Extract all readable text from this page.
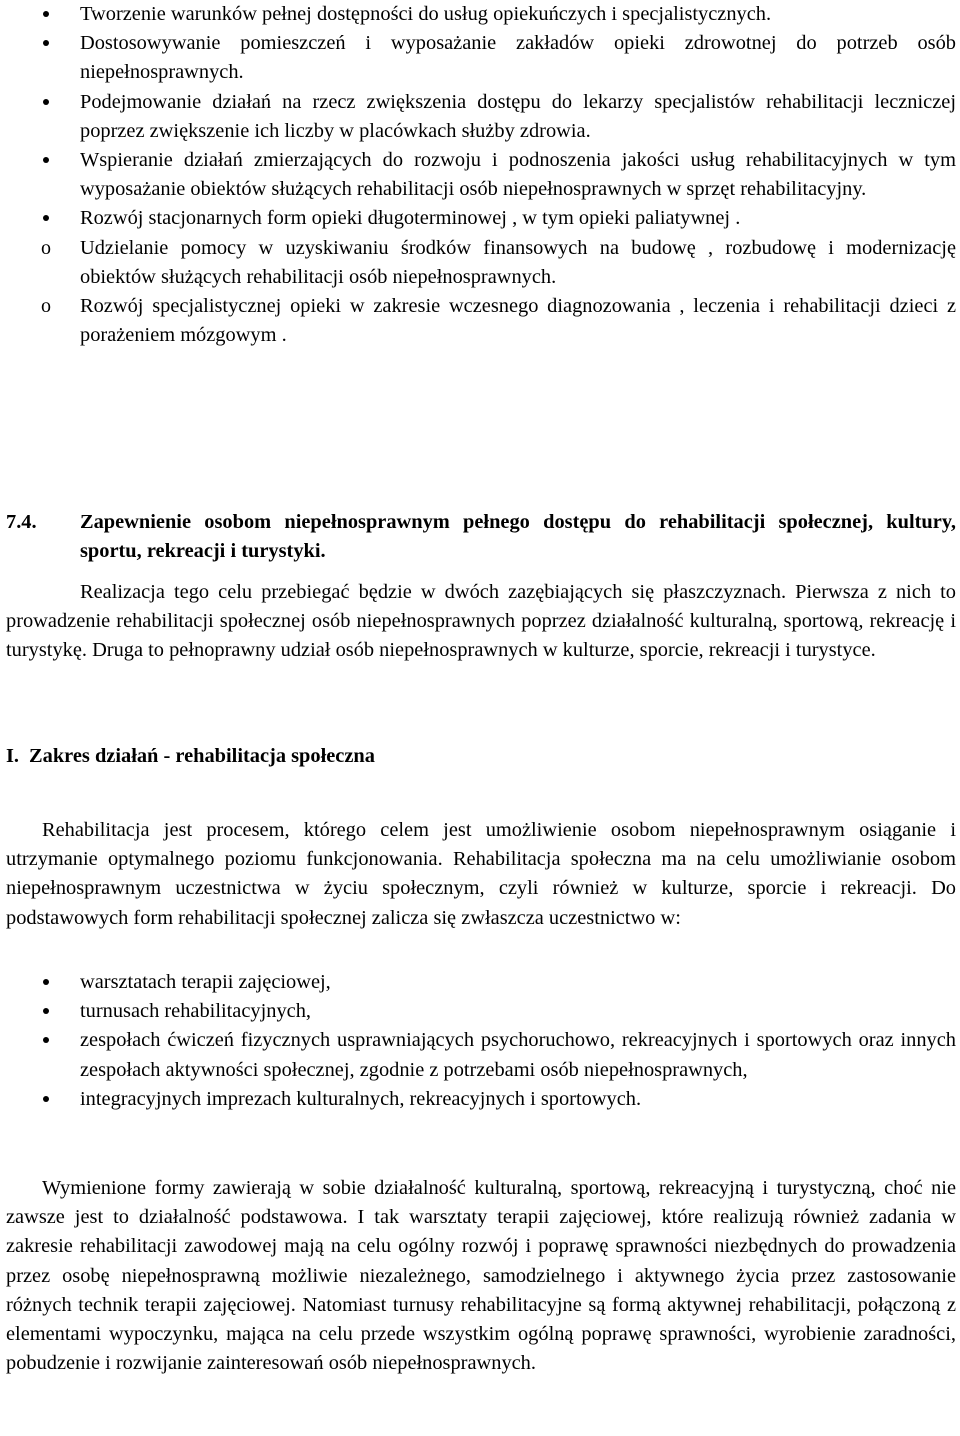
Tworzenie warunków pełnej dostępności do usług opiekuńczych i specjalistycznych.
Dostosowywanie pomieszczeń i wyposażanie zakładów opieki zdrowotnej do potrzeb osób niepełnosprawnych.
Podejmowanie działań na rzecz zwiększenia dostępu do lekarzy specjalistów rehabilitacji leczniczej poprzez zwiększenie ich liczby w placówkach służby zdrowia.
Wspieranie działań zmierzających do rozwoju i podnoszenia jakości usług rehabilitacyjnych w tym wyposażanie obiektów służących rehabilitacji osób niepełnosprawnych w sprzęt rehabilitacyjny.
Rozwój stacjonarnych form opieki długoterminowej , w tym opieki paliatywnej .
o Udzielanie pomocy w uzyskiwaniu środków finansowych na budowę , rozbudowę i modernizację obiektów służących rehabilitacji osób niepełnosprawnych.
o Rozwój specjalistycznej opieki w zakresie wczesnego diagnozowania , leczenia i rehabilitacji dzieci z porażeniem mózgowym .
7.4.	Zapewnienie osobom niepełnosprawnym pełnego dostępu do rehabilitacji społecznej, kultury, sportu, rekreacji i turystyki.
Realizacja tego celu przebiegać będzie w dwóch zazębiających się płaszczyznach. Pierwsza z nich to prowadzenie rehabilitacji społecznej osób niepełnosprawnych poprzez działalność kulturalną, sportową, rekreację i turystykę. Druga to pełnoprawny udział osób niepełnosprawnych w kulturze, sporcie, rekreacji i turystyce.
I. Zakres działań - rehabilitacja społeczna
Rehabilitacja jest procesem, którego celem jest umożliwienie osobom niepełnosprawnym osiąganie i utrzymanie optymalnego poziomu funkcjonowania. Rehabilitacja społeczna ma na celu umożliwianie osobom niepełnosprawnym uczestnictwa w życiu społecznym, czyli również w kulturze, sporcie i rekreacji. Do podstawowych form rehabilitacji społecznej zalicza się zwłaszcza uczestnictwo w:
warsztatach terapii zajęciowej,
turnusach rehabilitacyjnych,
zespołach ćwiczeń fizycznych usprawniających psychoruchowo, rekreacyjnych i sportowych oraz innych zespołach aktywności społecznej, zgodnie z potrzebami osób niepełnosprawnych,
integracyjnych imprezach kulturalnych, rekreacyjnych i sportowych.
Wymienione formy zawierają w sobie działalność kulturalną, sportową, rekreacyjną i turystyczną, choć nie zawsze jest to działalność podstawowa. I tak warsztaty terapii zajęciowej, które realizują również zadania w zakresie rehabilitacji zawodowej mają na celu ogólny rozwój i poprawę sprawności niezbędnych do prowadzenia przez osobę niepełnosprawną możliwie niezależnego, samodzielnego i aktywnego życia przez zastosowanie różnych technik terapii zajęciowej. Natomiast turnusy rehabilitacyjne są formą aktywnej rehabilitacji, połączoną z elementami wypoczynku, mająca na celu przede wszystkim ogólną poprawę sprawności, wyrobienie zaradności, pobudzenie i rozwijanie zainteresowań osób niepełnosprawnych.
